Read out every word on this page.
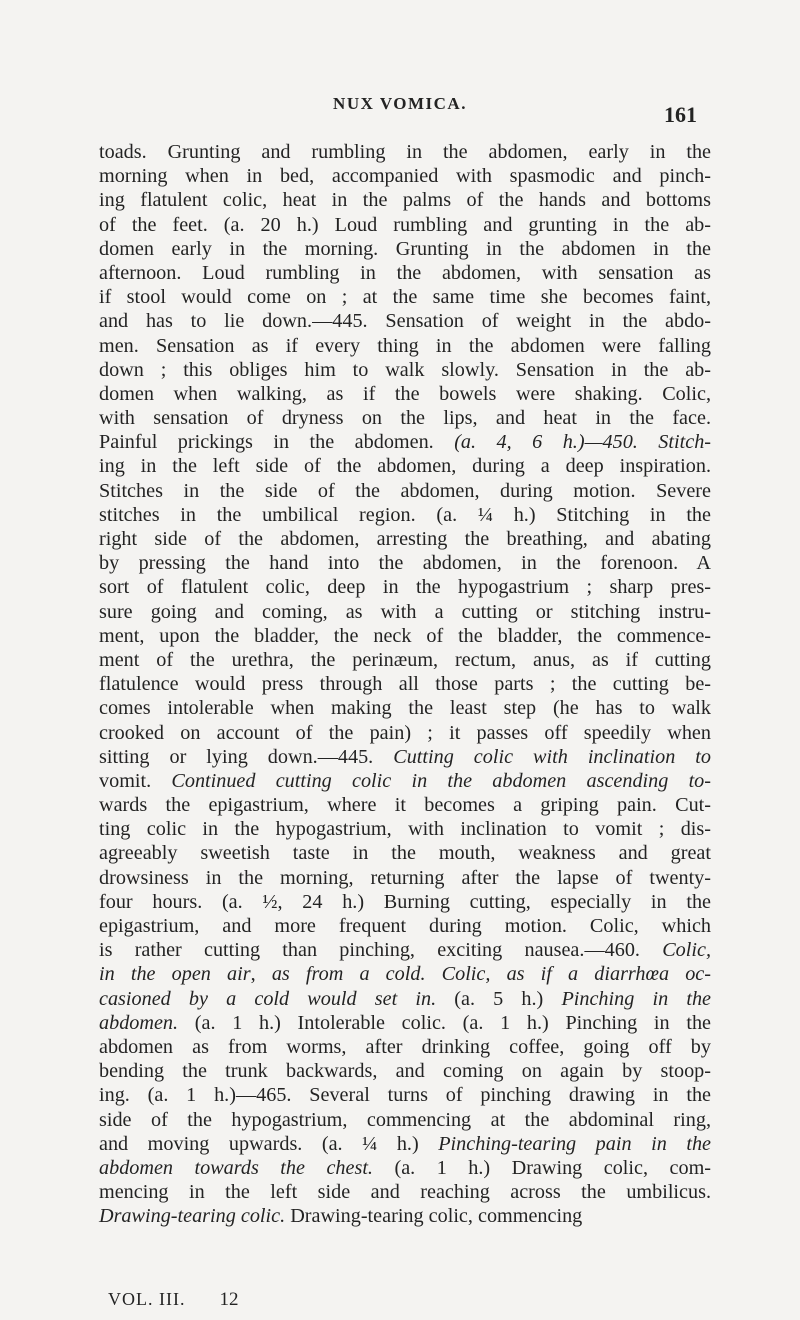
NUX VOMICA.	161
toads. Grunting and rumbling in the abdomen, early in the
morning when in bed, accompanied with spasmodic and pinch-
ing flatulent colic, heat in the palms of the hands and bottoms
of the feet. (a. 20 h.) Loud rumbling and grunting in the ab-
domen early in the morning. Grunting in the abdomen in the
afternoon. Loud rumbling in the abdomen, with sensation as
if stool would come on ; at the same time she becomes faint,
and has to lie down.—445. Sensation of weight in the abdo-
men. Sensation as if every thing in the abdomen were falling
down ; this obliges him to walk slowly. Sensation in the ab-
domen when walking, as if the bowels were shaking. Colic,
with sensation of dryness on the lips, and heat in the face.
Painful prickings in the abdomen. (a. 4, 6 h.)—450. Stitch-
ing in the left side of the abdomen, during a deep inspiration.
Stitches in the side of the abdomen, during motion. Severe
stitches in the umbilical region. (a. ¼ h.) Stitching in the
right side of the abdomen, arresting the breathing, and abating
by pressing the hand into the abdomen, in the forenoon. A
sort of flatulent colic, deep in the hypogastrium ; sharp pres-
sure going and coming, as with a cutting or stitching instru-
ment, upon the bladder, the neck of the bladder, the commence-
ment of the urethra, the perinæum, rectum, anus, as if cutting
flatulence would press through all those parts ; the cutting be-
comes intolerable when making the least step (he has to walk
crooked on account of the pain) ; it passes off speedily when
sitting or lying down.—445. Cutting colic with inclination to
vomit. Continued cutting colic in the abdomen ascending to-
wards the epigastrium, where it becomes a griping pain. Cut-
ting colic in the hypogastrium, with inclination to vomit ; dis-
agreeably sweetish taste in the mouth, weakness and great
drowsiness in the morning, returning after the lapse of twenty-
four hours. (a. ½, 24 h.) Burning cutting, especially in the
epigastrium, and more frequent during motion. Colic, which
is rather cutting than pinching, exciting nausea.—460. Colic,
in the open air, as from a cold. Colic, as if a diarrhœa oc-
casioned by a cold would set in. (a. 5 h.) Pinching in the
abdomen. (a. 1 h.) Intolerable colic. (a. 1 h.) Pinching in the
abdomen as from worms, after drinking coffee, going off by
bending the trunk backwards, and coming on again by stoop-
ing. (a. 1 h.)—465. Several turns of pinching drawing in the
side of the hypogastrium, commencing at the abdominal ring,
and moving upwards. (a. ¼ h.) Pinching-tearing pain in the
abdomen towards the chest. (a. 1 h.) Drawing colic, com-
mencing in the left side and reaching across the umbilicus.
Drawing-tearing colic. Drawing-tearing colic, commencing
VOL. III. 12
